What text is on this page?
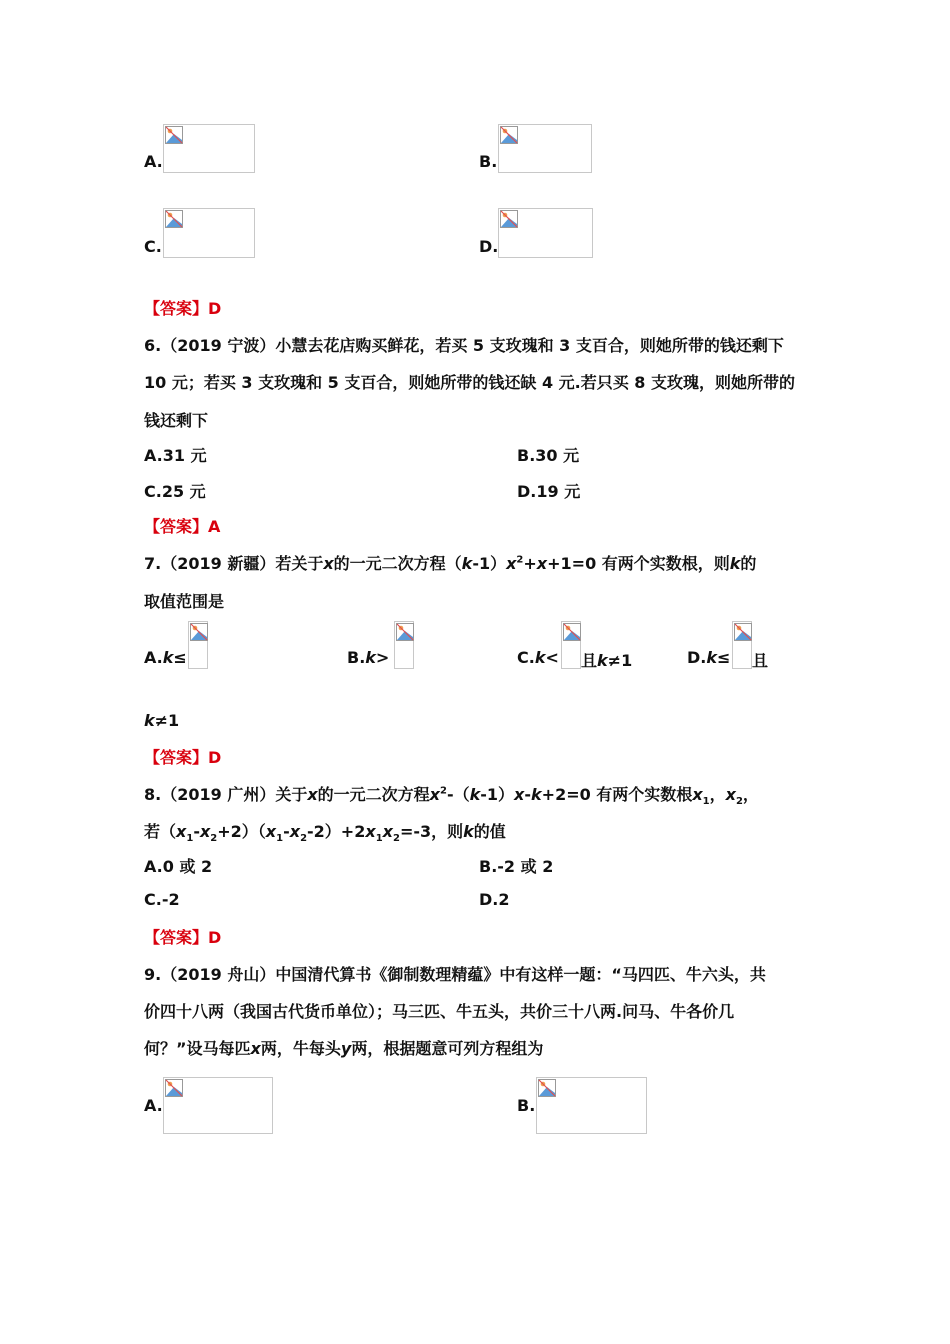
A.	B.
C.	D.
【答案】D
6.（2019 宁波）小慧去花店购买鲜花，若买 5 支玫瑰和 3 支百合，则她所带的钱还剩下
10 元；若买 3 支玫瑰和 5 支百合，则她所带的钱还缺 4 元.若只买 8 支玫瑰，则她所带的
钱还剩下
A.31 元	B.30 元
C.25 元	D.19 元
【答案】A
7.（2019 新疆）若关于x的一元二次方程$(k-1)x^2+x+1=0$ 有两个实数根，则k的
取值范围是
A.k≤	B.k>	C.k< 且k≠1	D.k≤ 且
k≠1
【答案】D
8.（2019 广州）关于x的一元二次方程$x^2-(k-1)x-k+2=0$ 有两个实数根$x_1$，$x_2$，
若$(x_1-x_2+2)(x_1-x_2-2)+2x_1x_2=-3$，则k的值
A.0 或 2	B.-2 或 2
C.-2	D.2
【答案】D
9.（2019 舟山）中国清代算书《御制数理精蕴》中有这样一题：“马四匹、牛六头，共
价四十八两（我国古代货币单位）；马三匹、牛五头，共价三十八两.问马、牛各价几
何？”设马每匹x两，牛每头y两，根据题意可列方程组为
A.	B.
